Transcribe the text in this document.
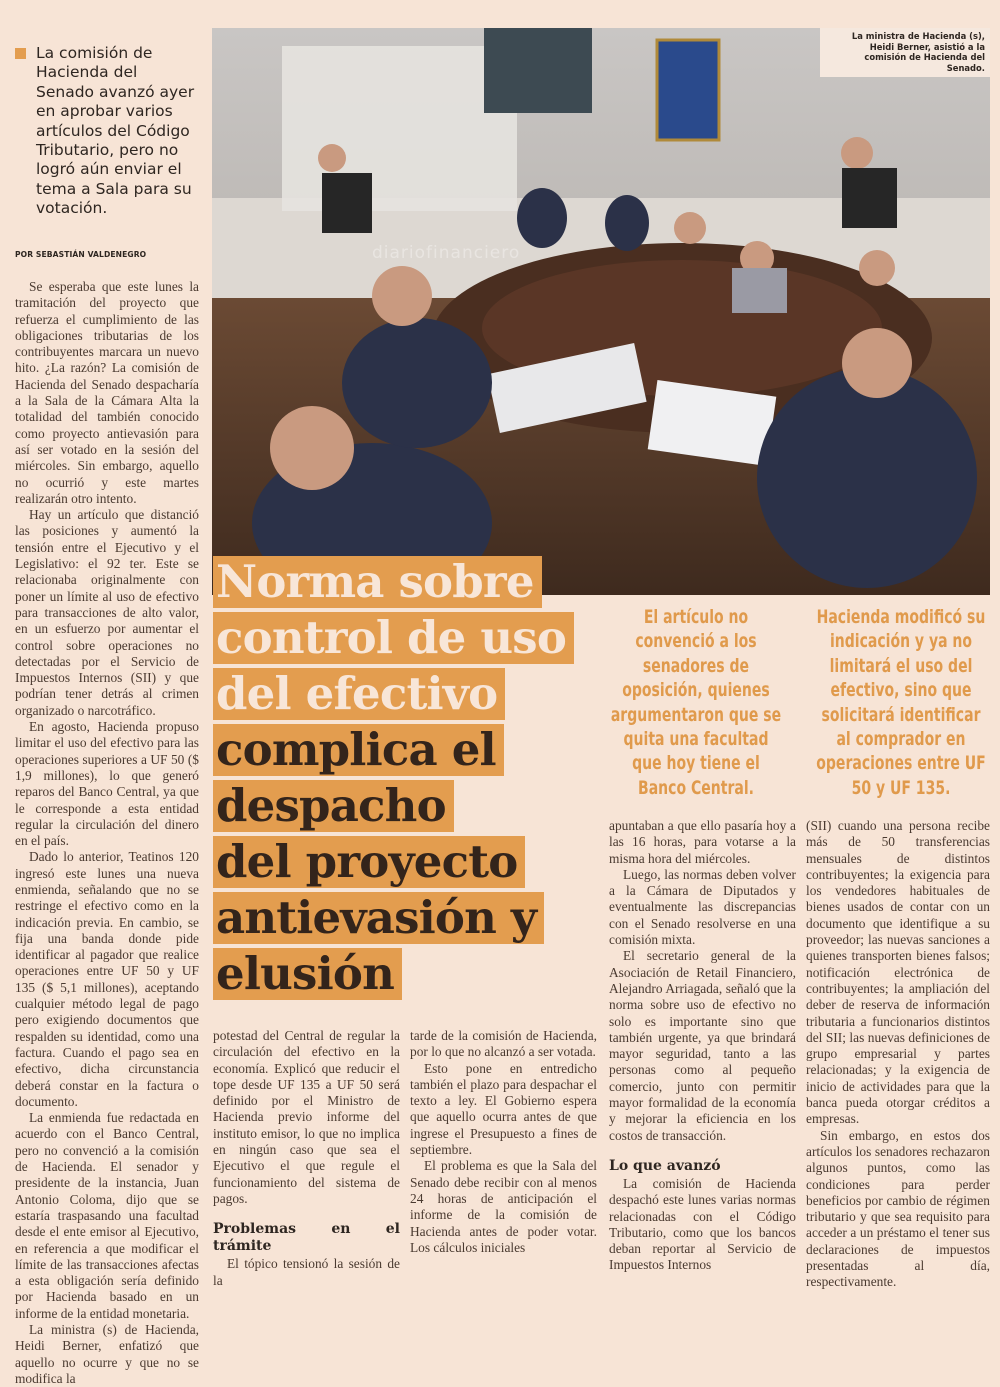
La comisión de Hacienda del Senado avanzó ayer en aprobar varios artículos del Código Tributario, pero no logró aún enviar el tema a Sala para su votación.

POR SEBASTIÁN VALDENEGRO	diariofinanciero
La ministra de Hacienda (s), Heidi Berner, asistió a la comisión de Hacienda del Senado.
Norma sobre
control de uso
del efectivo
complica el
despacho
del proyecto
antievasión y
elusión
El artículo no convenció a los senadores de oposición, quienes argumentaron que se quita una facultad que hoy tiene el Banco Central.
Hacienda modificó su indicación y ya no limitará el uso del efectivo, sino que solicitará identificar al comprador en operaciones entre UF 50 y UF 135.

Se esperaba que este lunes la tramitación del proyecto que refuerza el cumplimiento de las obligaciones tributarias de los contribuyentes marcara un nuevo hito. ¿La razón? La comisión de Hacienda del Senado despacharía a la Sala de la Cámara Alta la totalidad del también conocido como proyecto antievasión para así ser votado en la sesión del miércoles. Sin embargo, aquello no ocurrió y este martes realizarán otro intento.

Hay un artículo que distanció las posiciones y aumentó la tensión entre el Ejecutivo y el Legislativo: el 92 ter. Este se relacionaba originalmente con poner un límite al uso de efectivo para transacciones de alto valor, en un esfuerzo por aumentar el control sobre operaciones no detectadas por el Servicio de Impuestos Internos (SII) y que podrían tener detrás al crimen organizado o narcotráfico.

En agosto, Hacienda propuso limitar el uso del efectivo para las operaciones superiores a UF 50 ($ 1,9 millones), lo que generó reparos del Banco Central, ya que le corresponde a esta entidad regular la circulación del dinero en el país.

Dado lo anterior, Teatinos 120 ingresó este lunes una nueva enmienda, señalando que no se restringe el efectivo como en la indicación previa. En cambio, se fija una banda donde pide identificar al pagador que realice operaciones entre UF 50 y UF 135 ($ 5,1 millones), aceptando cualquier método legal de pago pero exigiendo documentos que respalden su identidad, como una factura. Cuando el pago sea en efectivo, dicha circunstancia deberá constar en la factura o documento.

La enmienda fue redactada en acuerdo con el Banco Central, pero no convenció a la comisión de Hacienda. El senador y presidente de la instancia, Juan Antonio Coloma, dijo que se estaría traspasando una facultad desde el ente emisor al Ejecutivo, en referencia a que modificar el límite de las transacciones afectas a esta obligación sería definido por Hacienda basado en un informe de la entidad monetaria.

La ministra (s) de Hacienda, Heidi Berner, enfatizó que aquello no ocurre y que no se modifica la

potestad del Central de regular la circulación del efectivo en la economía. Explicó que reducir el tope desde UF 135 a UF 50 será definido por el Ministro de Hacienda previo informe del instituto emisor, lo que no implica en ningún caso que sea el Ejecutivo el que regule el funcionamiento del sistema de pagos.

Problemas en el trámite

El tópico tensionó la sesión de la

tarde de la comisión de Hacienda, por lo que no alcanzó a ser votada.

Esto pone en entredicho también el plazo para despachar el texto a ley. El Gobierno espera que aquello ocurra antes de que ingrese el Presupuesto a fines de septiembre.

El problema es que la Sala del Senado debe recibir con al menos 24 horas de anticipación el informe de la comisión de Hacienda antes de poder votar. Los cálculos iniciales

apuntaban a que ello pasaría hoy a las 16 horas, para votarse a la misma hora del miércoles.

Luego, las normas deben volver a la Cámara de Diputados y eventualmente las discrepancias con el Senado resolverse en una comisión mixta.

El secretario general de la Asociación de Retail Financiero, Alejandro Arriagada, señaló que la norma sobre uso de efectivo no solo es importante sino que también urgente, ya que brindará mayor seguridad, tanto a las personas como al pequeño comercio, junto con permitir mayor formalidad de la economía y mejorar la eficiencia en los costos de transacción.

Lo que avanzó

La comisión de Hacienda despachó este lunes varias normas relacionadas con el Código Tributario, como que los bancos deban reportar al Servicio de Impuestos Internos

(SII) cuando una persona recibe más de 50 transferencias mensuales de distintos contribuyentes; la exigencia para los vendedores habituales de bienes usados de contar con un documento que identifique a su proveedor; las nuevas sanciones a quienes transporten bienes falsos; notificación electrónica de contribuyentes; la ampliación del deber de reserva de información tributaria a funcionarios distintos del SII; las nuevas definiciones de grupo empresarial y partes relacionadas; y la exigencia de inicio de actividades para que la banca pueda otorgar créditos a empresas.

Sin embargo, en estos dos artículos los senadores rechazaron algunos puntos, como las condiciones para perder beneficios por cambio de régimen tributario y que sea requisito para acceder a un préstamo el tener sus declaraciones de impuestos presentadas al día, respectivamente.
